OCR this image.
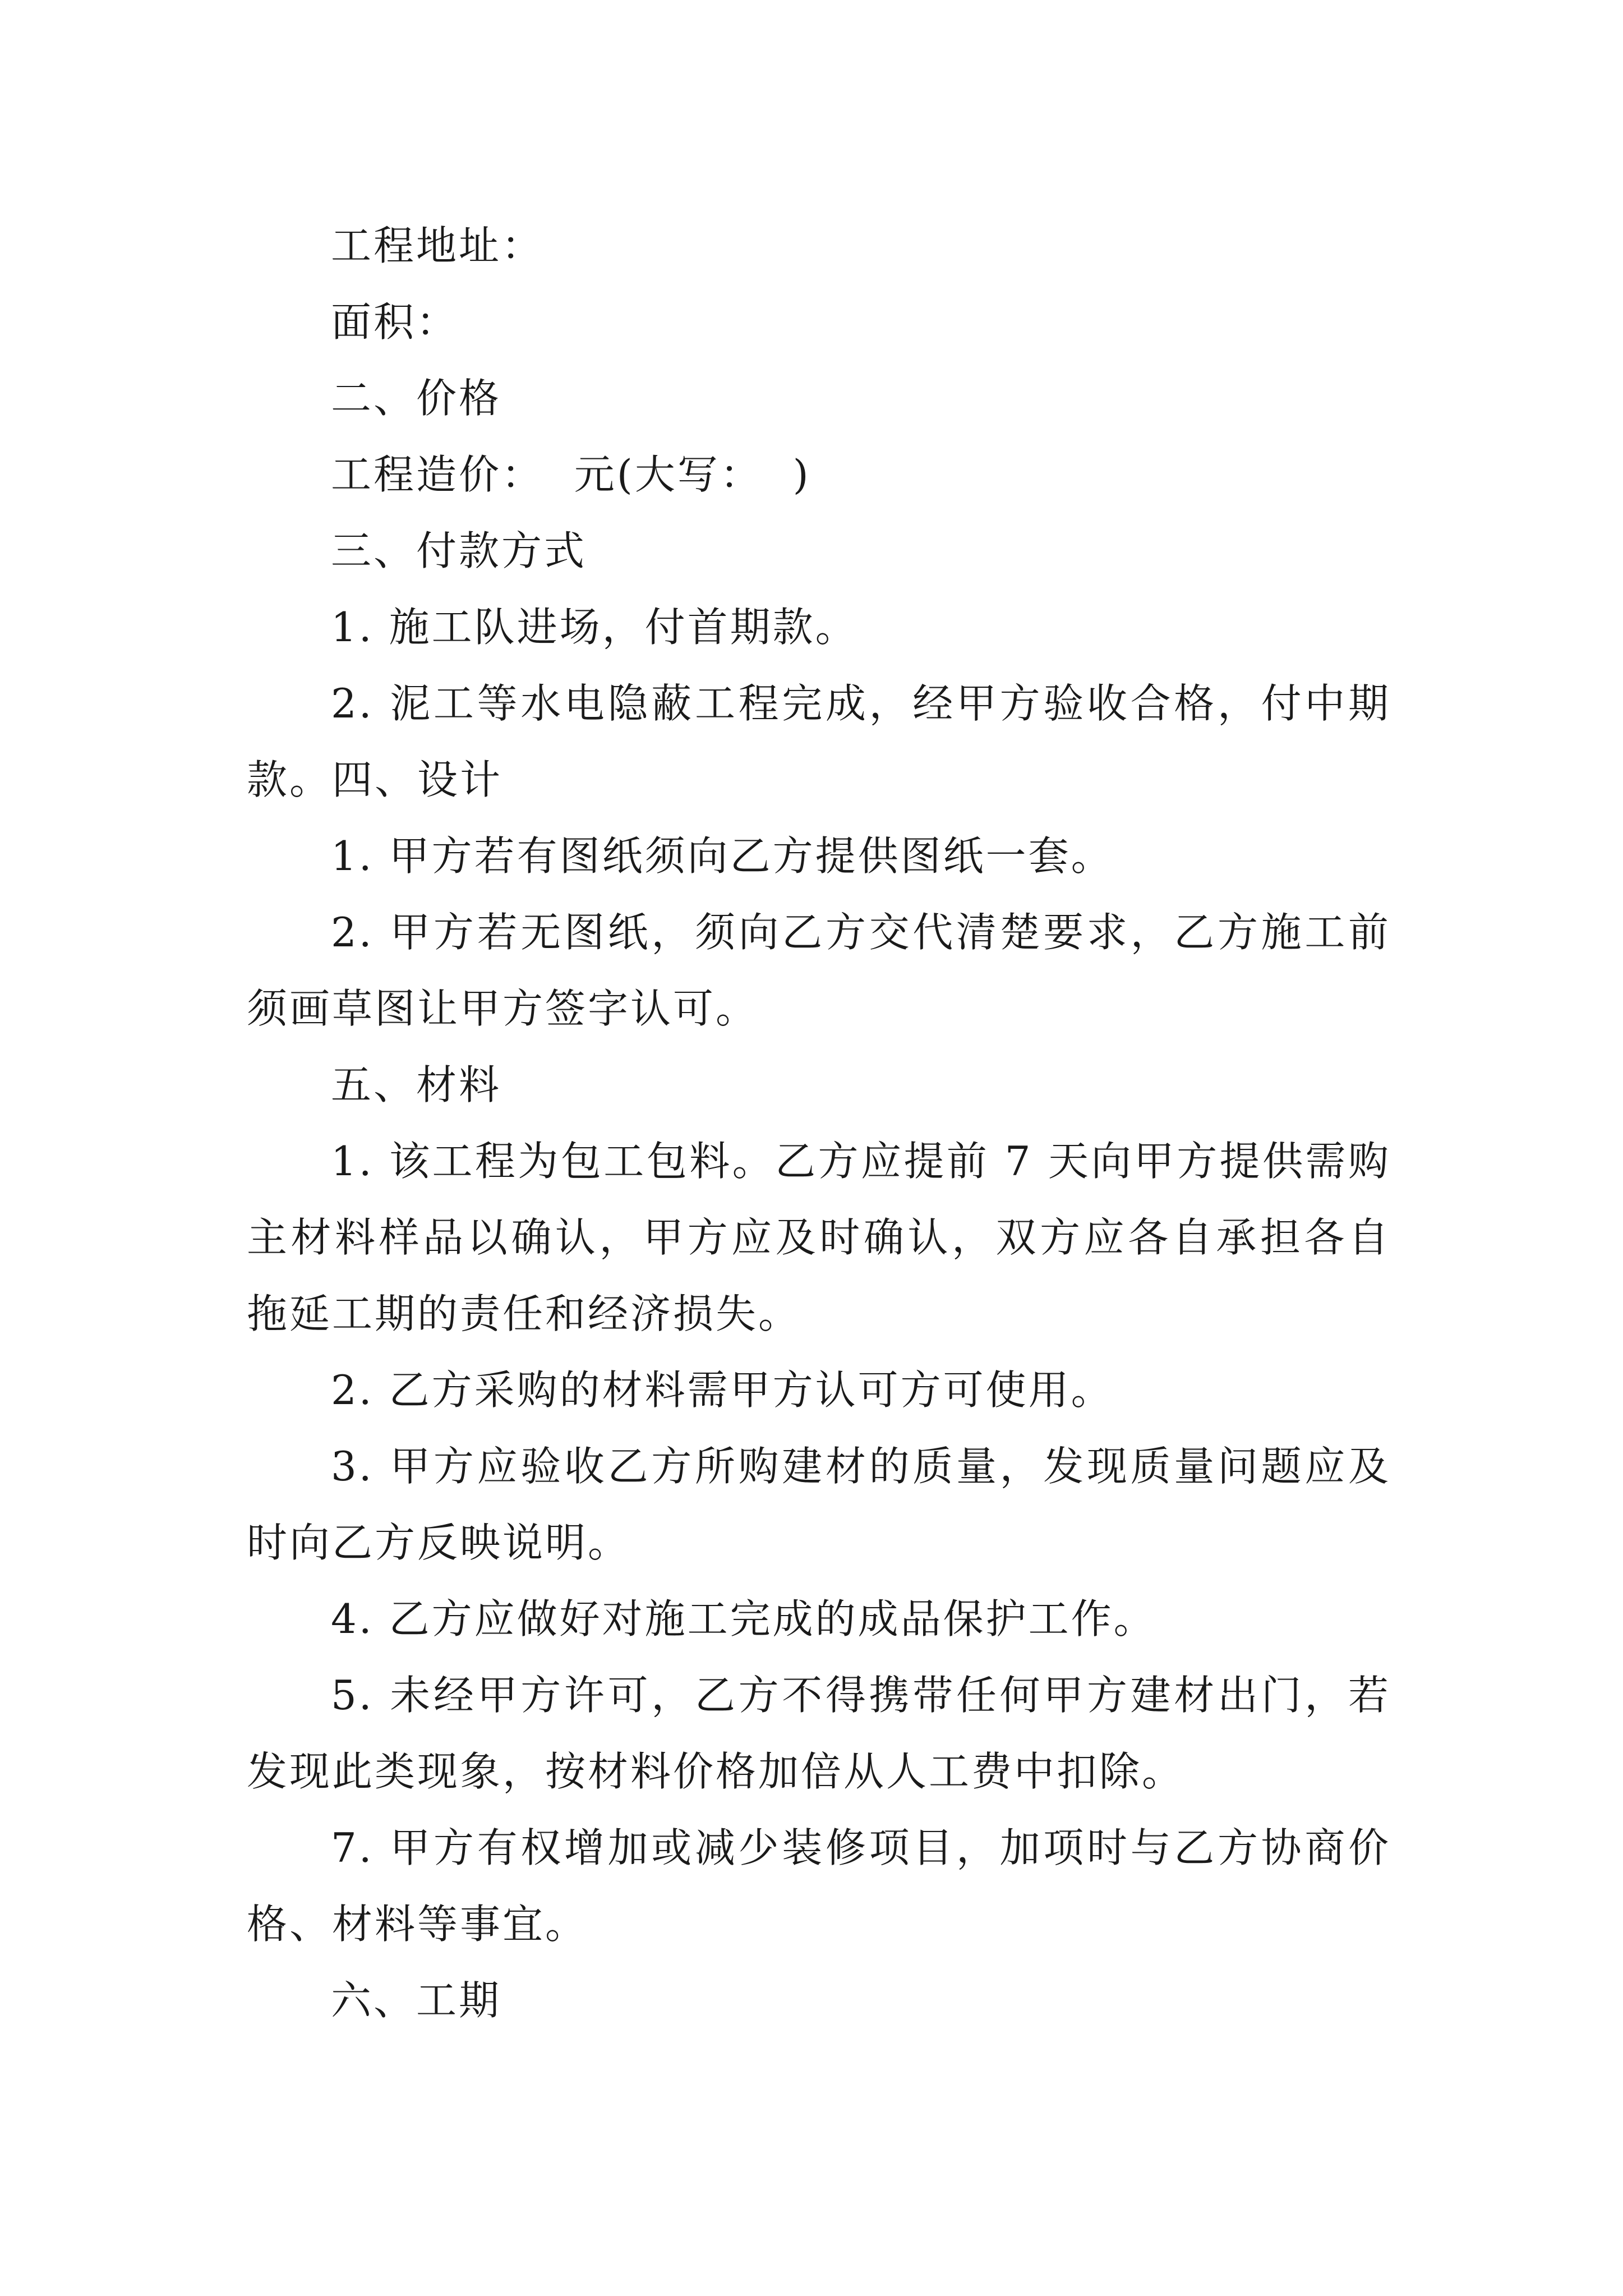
工程地址：

面积：

二、价格

工程造价：  元(大写：  )

三、付款方式

1. 施工队进场，付首期款。

2. 泥工等水电隐蔽工程完成，经甲方验收合格，付中期款。四、设计

1. 甲方若有图纸须向乙方提供图纸一套。

2. 甲方若无图纸，须向乙方交代清楚要求，乙方施工前须画草图让甲方签字认可。

五、材料

1. 该工程为包工包料。乙方应提前 7 天向甲方提供需购主材料样品以确认，甲方应及时确认，双方应各自承担各自拖延工期的责任和经济损失。

2. 乙方采购的材料需甲方认可方可使用。

3. 甲方应验收乙方所购建材的质量，发现质量问题应及时向乙方反映说明。

4. 乙方应做好对施工完成的成品保护工作。

5. 未经甲方许可，乙方不得携带任何甲方建材出门，若发现此类现象，按材料价格加倍从人工费中扣除。

7. 甲方有权增加或减少装修项目，加项时与乙方协商价格、材料等事宜。

六、工期
